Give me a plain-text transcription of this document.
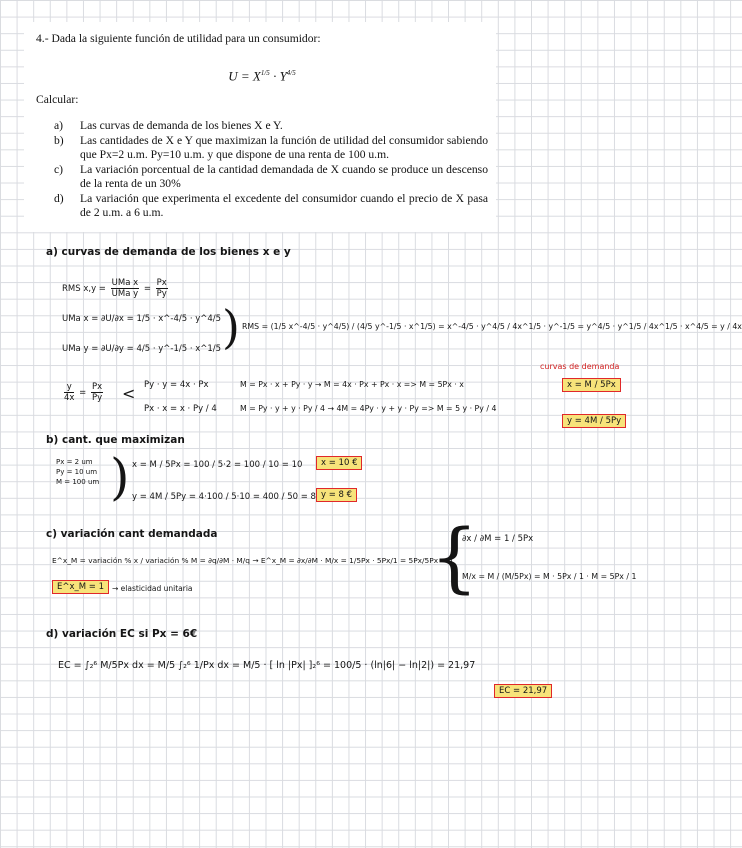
4.- Dada la siguiente función de utilidad para un consumidor:

$U = X^{1/5} \cdot Y^{4/5}$

Calcular:

a)	Las curvas de demanda de los bienes X e Y.
b)	Las cantidades de X e Y que maximizan la función de utilidad del consumidor sabiendo que Px=2 u.m. Py=10 u.m. y que dispone de una renta de 100 u.m.
c)	La variación porcentual de la cantidad demandada de X cuando se produce un descenso de la renta de un 30%
d)	La variación que experimenta el excedente del consumidor cuando el precio de X pasa de 2 u.m. a 6 u.m.
a) curvas de demanda de los bienes x e y
RMS $x,y = \frac{\text{UMa x}}{\text{UMa y}} = \frac{Px}{Py}$
UMa x = ∂U/∂x = 1/5 · x^-4/5 · y^4/5
UMa y = ∂U/∂y = 4/5 · y^-1/5 · x^1/5 ) RMS = (1/5 x^-4/5 · y^4/5) / (4/5 y^-1/5 · x^1/5) = x^-4/5 · y^4/5 / 4x^1/5 · y^-1/5 = y^4/5 · y^1/5 / 4x^1/5 · x^4/5 = y / 4x
curvas de demanda
$\frac{y}{4x} = \frac{Px}{Py} < Py \cdot y = 4x \cdot Px$
Px · x = x · Py / 4
M = Px · x + Py · y → M = 4x · Px + Px · x => M = 5Px · x
M = Py · y + y · Py / 4 → 4M = 4Py · y + y · Py => M = 5 y · Py / 4
x = M / 5Px
y = 4M / 5Py
b) cant. que maximizan
Px = 2 um
Py = 10 um
M = 100 um ) x = M / 5Px = 100 / 5·2 = 100 / 10 = 10	x = 10 €
y = 4M / 5Py = 4·100 / 5·10 = 400 / 50 = 8 y = 8 €
c) variación cant demandada
E^x_M = variación % x / variación % M = ∂q/∂M · M/q → E^x_M = ∂x/∂M · M/x = 1/5Px · 5Px/1 = 5Px/5Px = 1
E^x_M = 1	→ elasticidad unitaria	{
∂x / ∂M = 1 / 5Px
M/x = M / (M/5Px) = M · 5Px / 1 · M = 5Px / 1
d) variación EC si Px = 6€
EC = ∫₂⁶ M/5Px dx = M/5 ∫₂⁶ 1/Px dx = M/5 · [ ln |Px| ]₂⁶ = 100/5 · (ln|6| − ln|2|) = 21,97
EC = 21,97
